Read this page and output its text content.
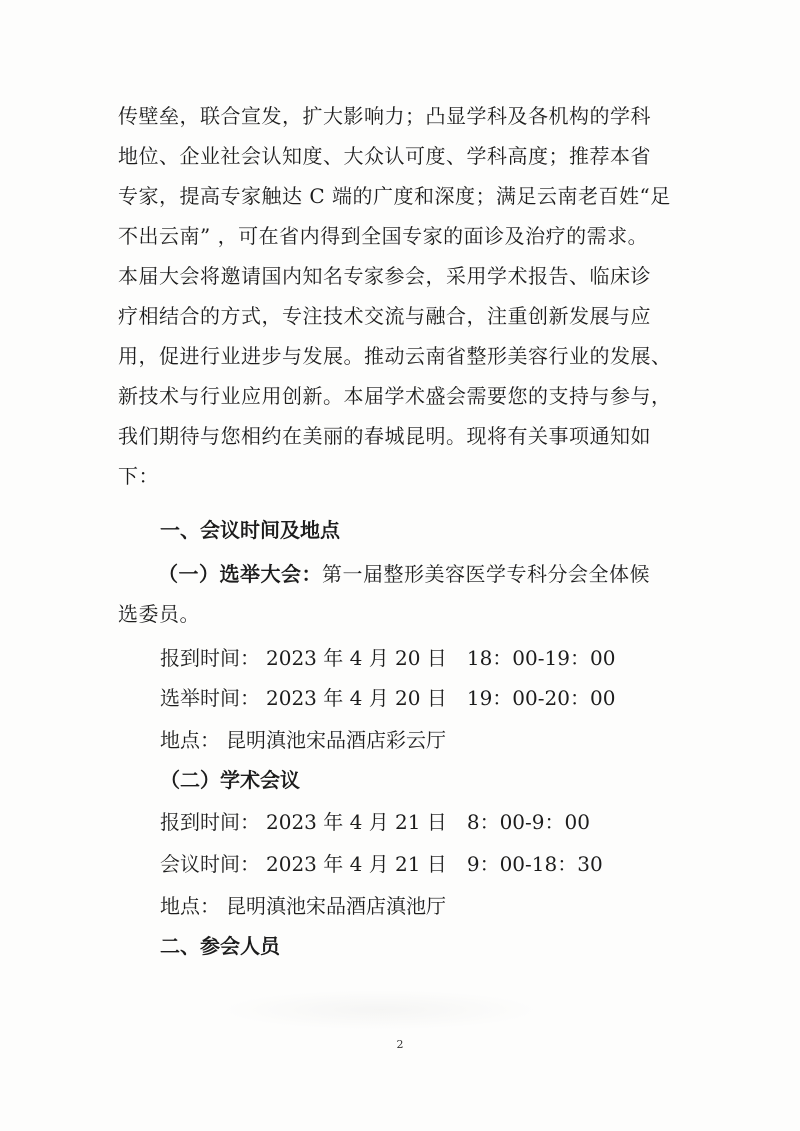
传壁垒，联合宣发，扩大影响力；凸显学科及各机构的学科
地位、企业社会认知度、大众认可度、学科高度；推荐本省
专家，提高专家触达 C 端的广度和深度；满足云南老百姓“足
不出云南” ，可在省内得到全国专家的面诊及治疗的需求。
本届大会将邀请国内知名专家参会，采用学术报告、临床诊
疗相结合的方式，专注技术交流与融合，注重创新发展与应
用，促进行业进步与发展。推动云南省整形美容行业的发展、
新技术与行业应用创新。本届学术盛会需要您的支持与参与，
我们期待与您相约在美丽的春城昆明。现将有关事项通知如
下：
一、会议时间及地点
（一）选举大会：第一届整形美容医学专科分会全体候
选委员。
报到时间： 2023 年 4 月 20 日　18：00-19：00
选举时间： 2023 年 4 月 20 日　19：00-20：00
地点： 昆明滇池宋品酒店彩云厅
（二）学术会议
报到时间： 2023 年 4 月 21 日　8：00-9：00
会议时间： 2023 年 4 月 21 日　9：00-18：30
地点： 昆明滇池宋品酒店滇池厅
二、参会人员
2
